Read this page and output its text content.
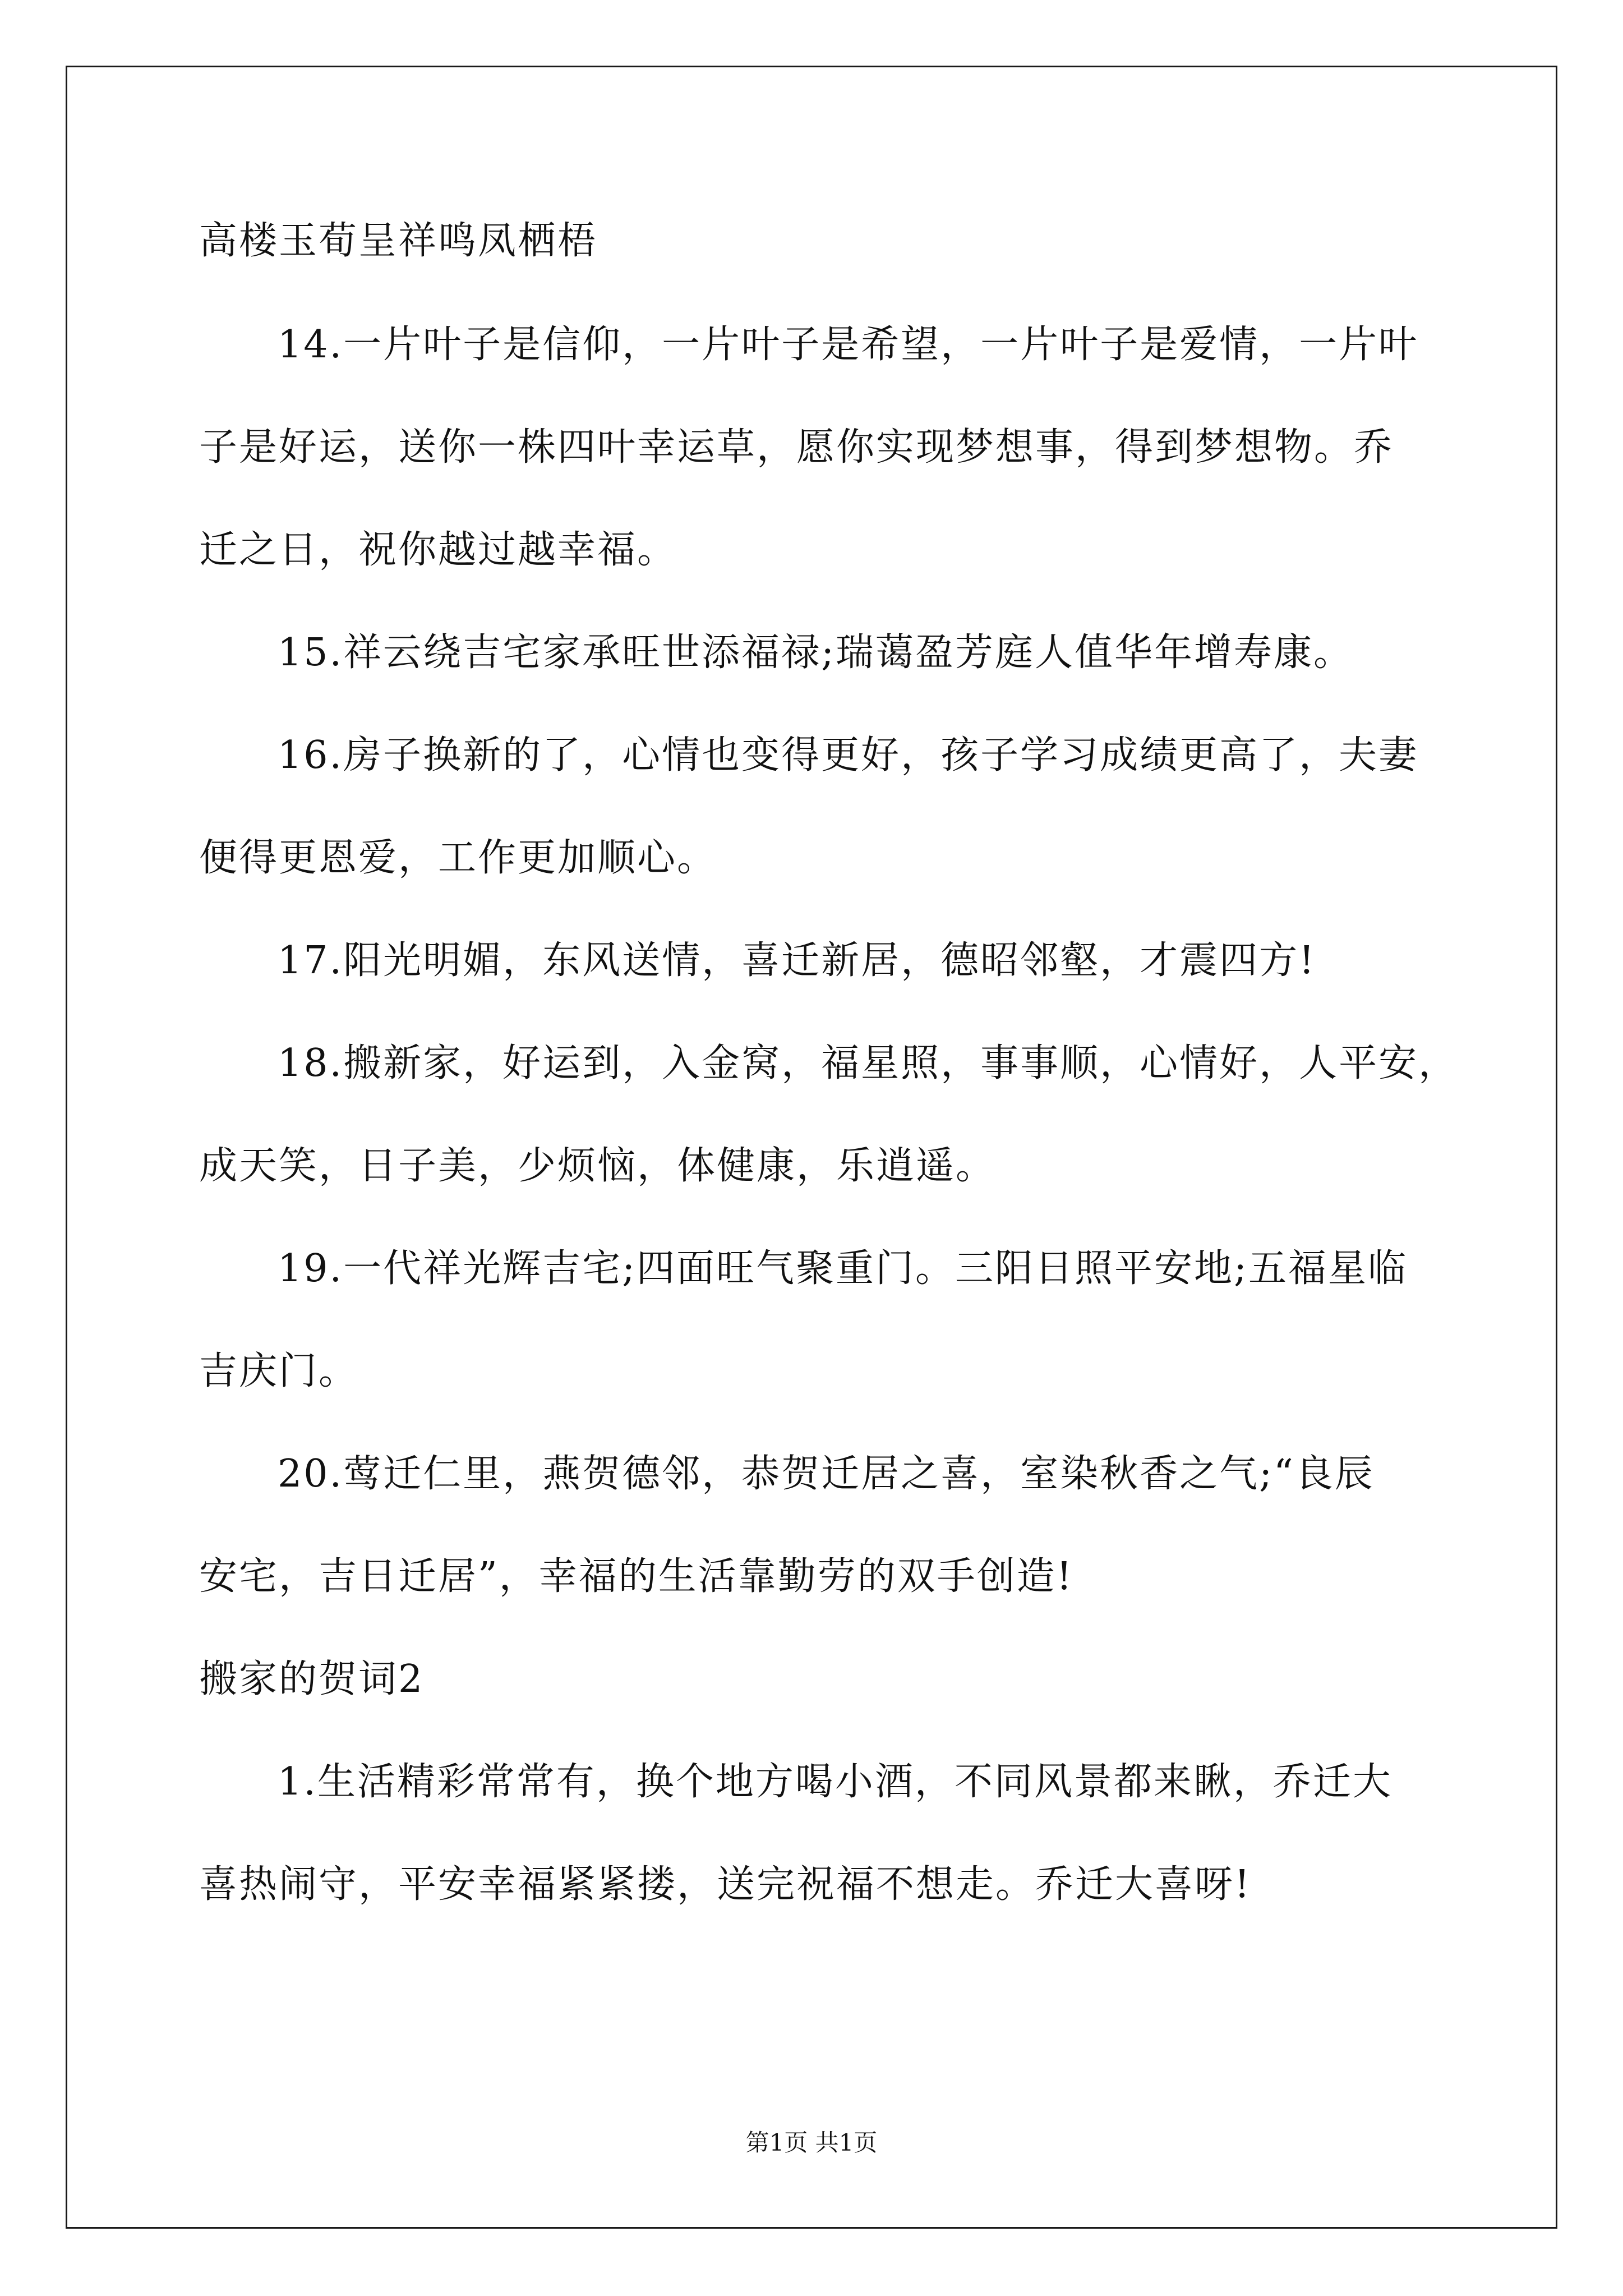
高楼玉荀呈祥鸣凤栖梧
14.一片叶子是信仰，一片叶子是希望，一片叶子是爱情，一片叶
子是好运，送你一株四叶幸运草，愿你实现梦想事，得到梦想物。乔
迁之日，祝你越过越幸福。
15.祥云绕吉宅家承旺世添福禄;瑞蔼盈芳庭人值华年增寿康。
16.房子换新的了，心情也变得更好，孩子学习成绩更高了，夫妻
便得更恩爱，工作更加顺心。
17.阳光明媚，东风送情，喜迁新居，德昭邻壑，才震四方!
18.搬新家，好运到，入金窝，福星照，事事顺，心情好，人平安，
成天笑，日子美，少烦恼，体健康，乐逍遥。
19.一代祥光辉吉宅;四面旺气聚重门。三阳日照平安地;五福星临
吉庆门。
20.莺迁仁里，燕贺德邻，恭贺迁居之喜，室染秋香之气;“良辰
安宅，吉日迁居”，幸福的生活靠勤劳的双手创造!
搬家的贺词2
1.生活精彩常常有，换个地方喝小酒，不同风景都来瞅，乔迁大
喜热闹守，平安幸福紧紧搂，送完祝福不想走。乔迁大喜呀!
第1页 共1页
